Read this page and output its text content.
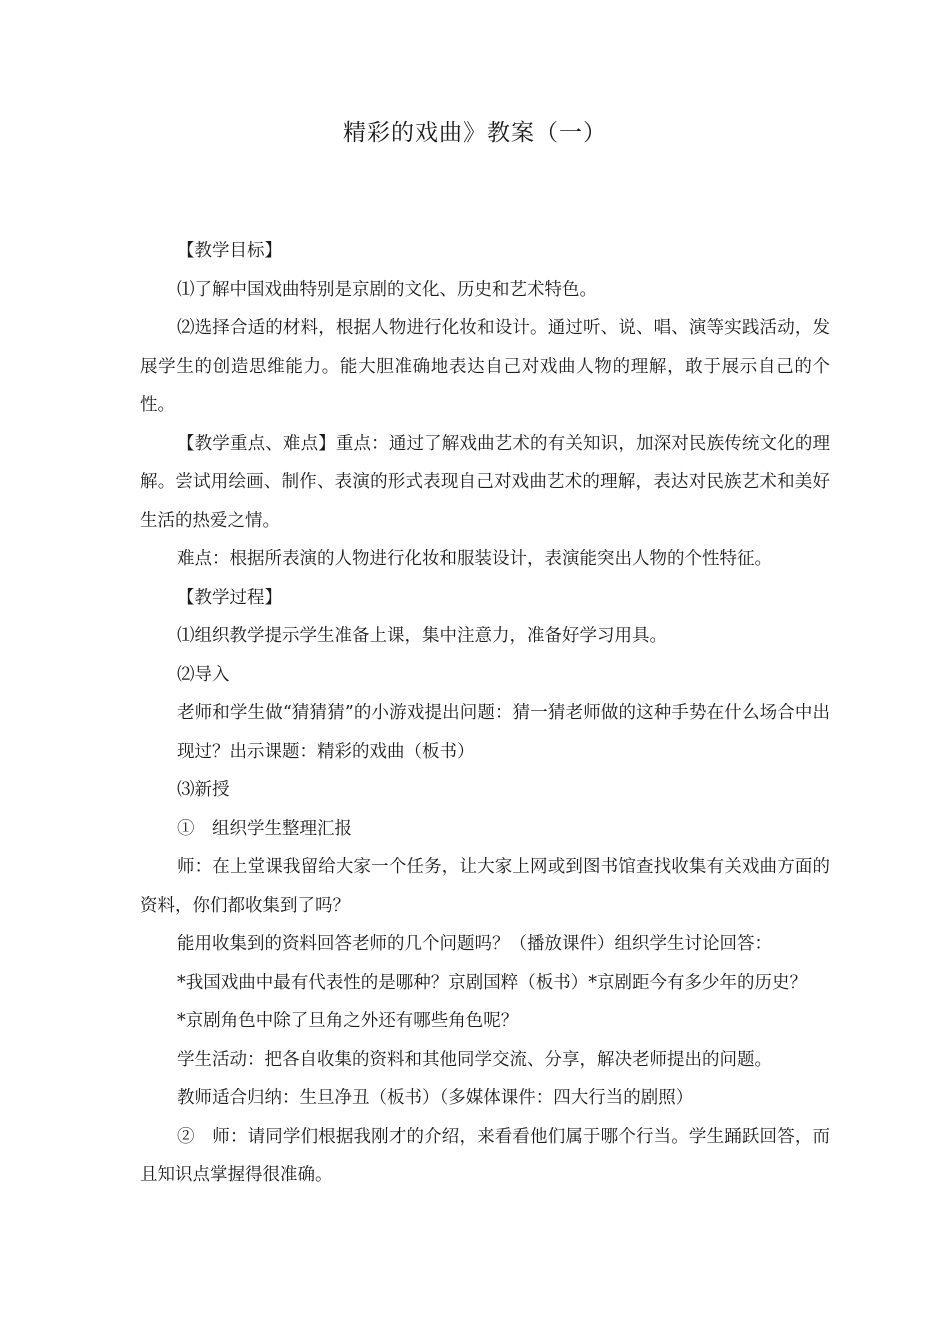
精彩的戏曲》教案（一）

【教学目标】

⑴了解中国戏曲特别是京剧的文化、历史和艺术特色。

⑵选择合适的材料，根据人物进行化妆和设计。通过听、说、唱、演等实践活动，发展学生的创造思维能力。能大胆准确地表达自己对戏曲人物的理解，敢于展示自己的个性。

【教学重点、难点】重点：通过了解戏曲艺术的有关知识，加深对民族传统文化的理解。尝试用绘画、制作、表演的形式表现自己对戏曲艺术的理解，表达对民族艺术和美好生活的热爱之情。

难点：根据所表演的人物进行化妆和服装设计，表演能突出人物的个性特征。

【教学过程】

⑴组织教学提示学生准备上课，集中注意力，准备好学习用具。

⑵导入

老师和学生做“猜猜猜”的小游戏提出问题：猜一猜老师做的这种手势在什么场合中出现过？出示课题：精彩的戏曲（板书）

⑶新授

①　组织学生整理汇报

师：在上堂课我留给大家一个任务，让大家上网或到图书馆查找收集有关戏曲方面的资料，你们都收集到了吗？

能用收集到的资料回答老师的几个问题吗？（播放课件）组织学生讨论回答：

*我国戏曲中最有代表性的是哪种？京剧国粹（板书）*京剧距今有多少年的历史？

*京剧角色中除了旦角之外还有哪些角色呢？

学生活动：把各自收集的资料和其他同学交流、分享，解决老师提出的问题。

教师适合归纳：生旦净丑（板书）（多媒体课件：四大行当的剧照）

②　师：请同学们根据我刚才的介绍，来看看他们属于哪个行当。学生踊跃回答，而且知识点掌握得很准确。
